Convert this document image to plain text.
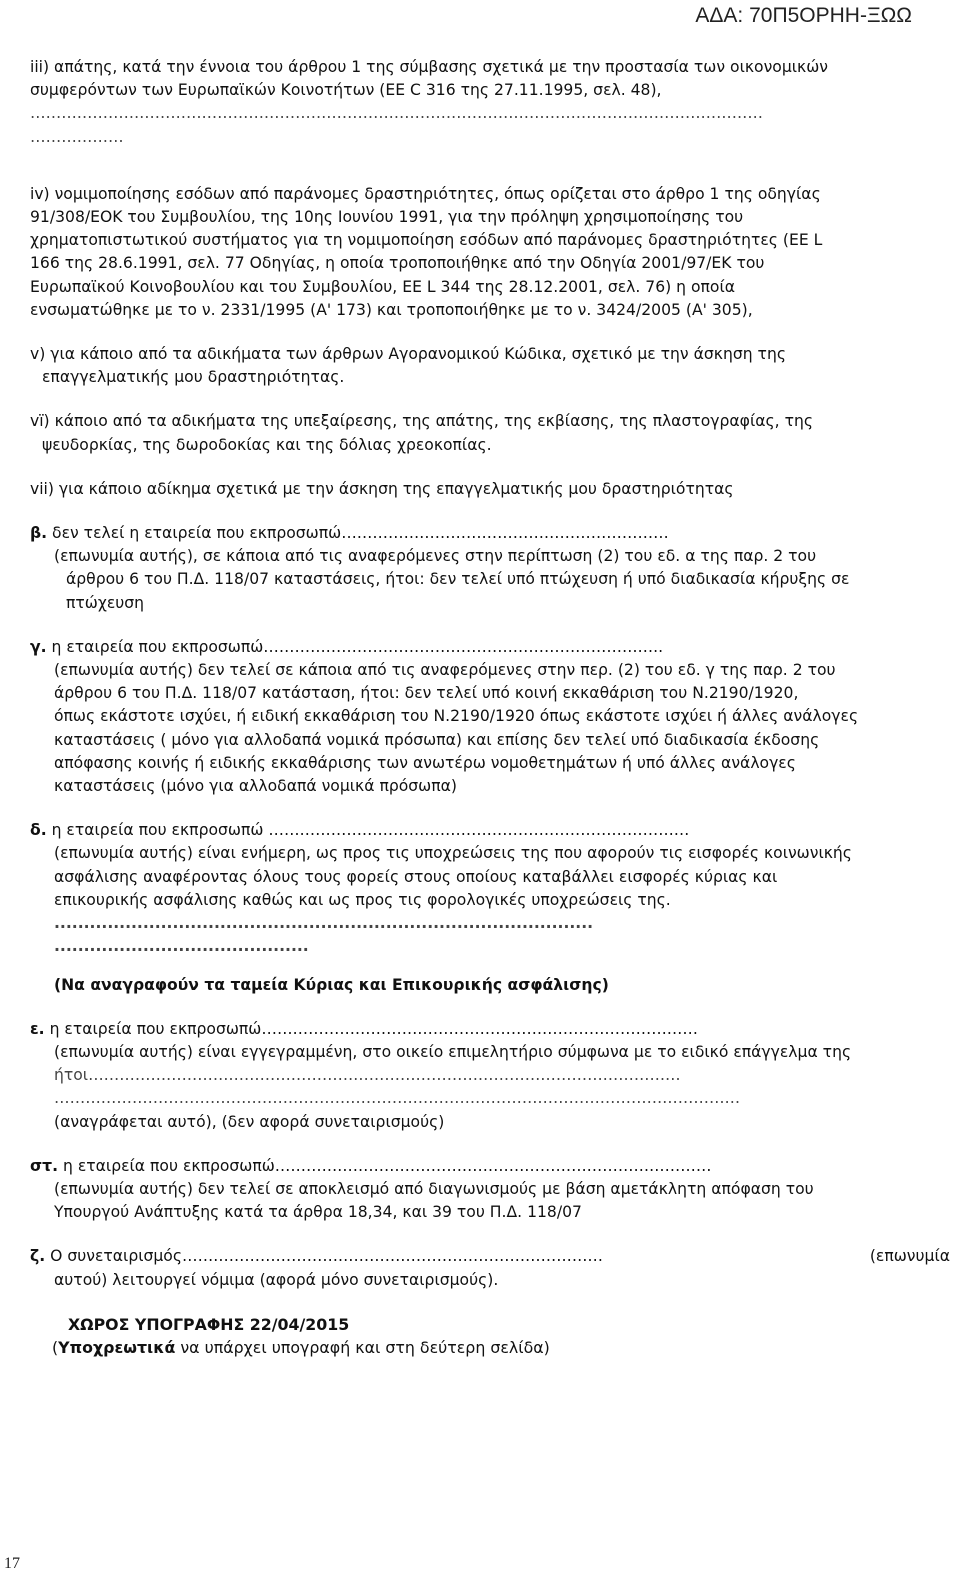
ΑΔΑ: 70Π5ΟΡΗΗ-ΞΩΩ

iii) απάτης, κατά την έννοια του άρθρου 1 της σύμβασης σχετικά με την προστασία των οικονομικών

συμφερόντων των Ευρωπαϊκών Κοινοτήτων (ΕΕ C 316 της 27.11.1995, σελ. 48),

……………………………………………………………………………………………………………………………

………………

iv) νομιμοποίησης εσόδων από παράνομες δραστηριότητες, όπως ορίζεται στο άρθρο 1 της οδηγίας

91/308/ΕΟΚ του Συμβουλίου, της 10ης Ιουνίου 1991, για την πρόληψη χρησιμοποίησης του

χρηματοπιστωτικού συστήματος για τη νομιμοποίηση εσόδων από παράνομες δραστηριότητες (ΕΕ L

166 της 28.6.1991, σελ. 77 Οδηγίας, η οποία τροποποιήθηκε από την Οδηγία 2001/97/ΕΚ του

Ευρωπαϊκού Κοινοβουλίου και του Συμβουλίου, ΕΕ L 344 της 28.12.2001, σελ. 76) η οποία

ενσωματώθηκε με το ν. 2331/1995 (Α' 173) και τροποποιήθηκε με το ν. 3424/2005 (Α' 305),

v) για κάποιο από τα αδικήματα των άρθρων Αγορανομικού Κώδικα, σχετικό με την άσκηση της

επαγγελματικής μου δραστηριότητας.

vï) κάποιο από τα αδικήματα της υπεξαίρεσης, της απάτης, της εκβίασης, της πλαστογραφίας, της

ψευδορκίας, της δωροδοκίας και της δόλιας χρεοκοπίας.

vii) για κάποιο αδίκημα σχετικά με την άσκηση της επαγγελματικής μου δραστηριότητας

β. δεν τελεί η εταιρεία που εκπροσωπώ………………………………………………………

(επωνυμία αυτής), σε κάποια από τις αναφερόμενες στην περίπτωση (2) του εδ. α της παρ. 2 του

άρθρου 6 του Π.Δ. 118/07 καταστάσεις, ήτοι: δεν τελεί υπό πτώχευση ή υπό διαδικασία κήρυξης σε

πτώχευση

γ. η εταιρεία που εκπροσωπώ…………………………………………………………………..

(επωνυμία αυτής) δεν τελεί σε κάποια από τις αναφερόμενες στην περ. (2) του εδ. γ της παρ. 2 του

άρθρου 6 του Π.Δ. 118/07 κατάσταση, ήτοι: δεν τελεί υπό κοινή εκκαθάριση του Ν.2190/1920,

όπως εκάστοτε ισχύει, ή ειδική εκκαθάριση του Ν.2190/1920 όπως εκάστοτε ισχύει ή άλλες ανάλογες

καταστάσεις ( μόνο για αλλοδαπά νομικά πρόσωπα) και επίσης δεν τελεί υπό διαδικασία έκδοσης

απόφασης κοινής ή ειδικής εκκαθάρισης των ανωτέρω νομοθετημάτων ή υπό άλλες ανάλογες

καταστάσεις (μόνο για αλλοδαπά νομικά πρόσωπα)

δ. η εταιρεία που εκπροσωπώ ………………………………………………………………………

(επωνυμία αυτής) είναι ενήμερη, ως προς τις υποχρεώσεις της που αφορούν τις εισφορές κοινωνικής

ασφάλισης αναφέροντας όλους τους φορείς στους οποίους καταβάλλει εισφορές κύριας και

επικουρικής ασφάλισης καθώς και ως προς τις φορολογικές υποχρεώσεις της.

...........................................................................................

...........................................

(Να αναγραφούν τα ταμεία Κύριας και Επικουρικής ασφάλισης)

ε. η εταιρεία που εκπροσωπώ…………………………………………………………………………

(επωνυμία αυτής) είναι εγγεγραμμένη, στο οικείο επιμελητήριο σύμφωνα με το ειδικό επάγγελμα της

ήτοι……………………………………………………………………………………………………

……………………………………………………………………………………………………………………

(αναγράφεται αυτό), (δεν αφορά συνεταιρισμούς)

στ. η εταιρεία που εκπροσωπώ…………………………………………………………………………

(επωνυμία αυτής) δεν τελεί σε αποκλεισμό από διαγωνισμούς με βάση αμετάκλητη απόφαση του

Υπουργού Ανάπτυξης κατά τα άρθρα 18,34, και 39 του Π.Δ. 118/07

ζ. Ο συνεταιρισμός………………………………………………………………………	(επωνυμία

αυτού) λειτουργεί νόμιμα (αφορά μόνο συνεταιρισμούς).

ΧΩΡΟΣ ΥΠΟΓΡΑΦΗΣ 22/04/2015

(Υποχρεωτικά να υπάρχει υπογραφή και στη δεύτερη σελίδα)

17
